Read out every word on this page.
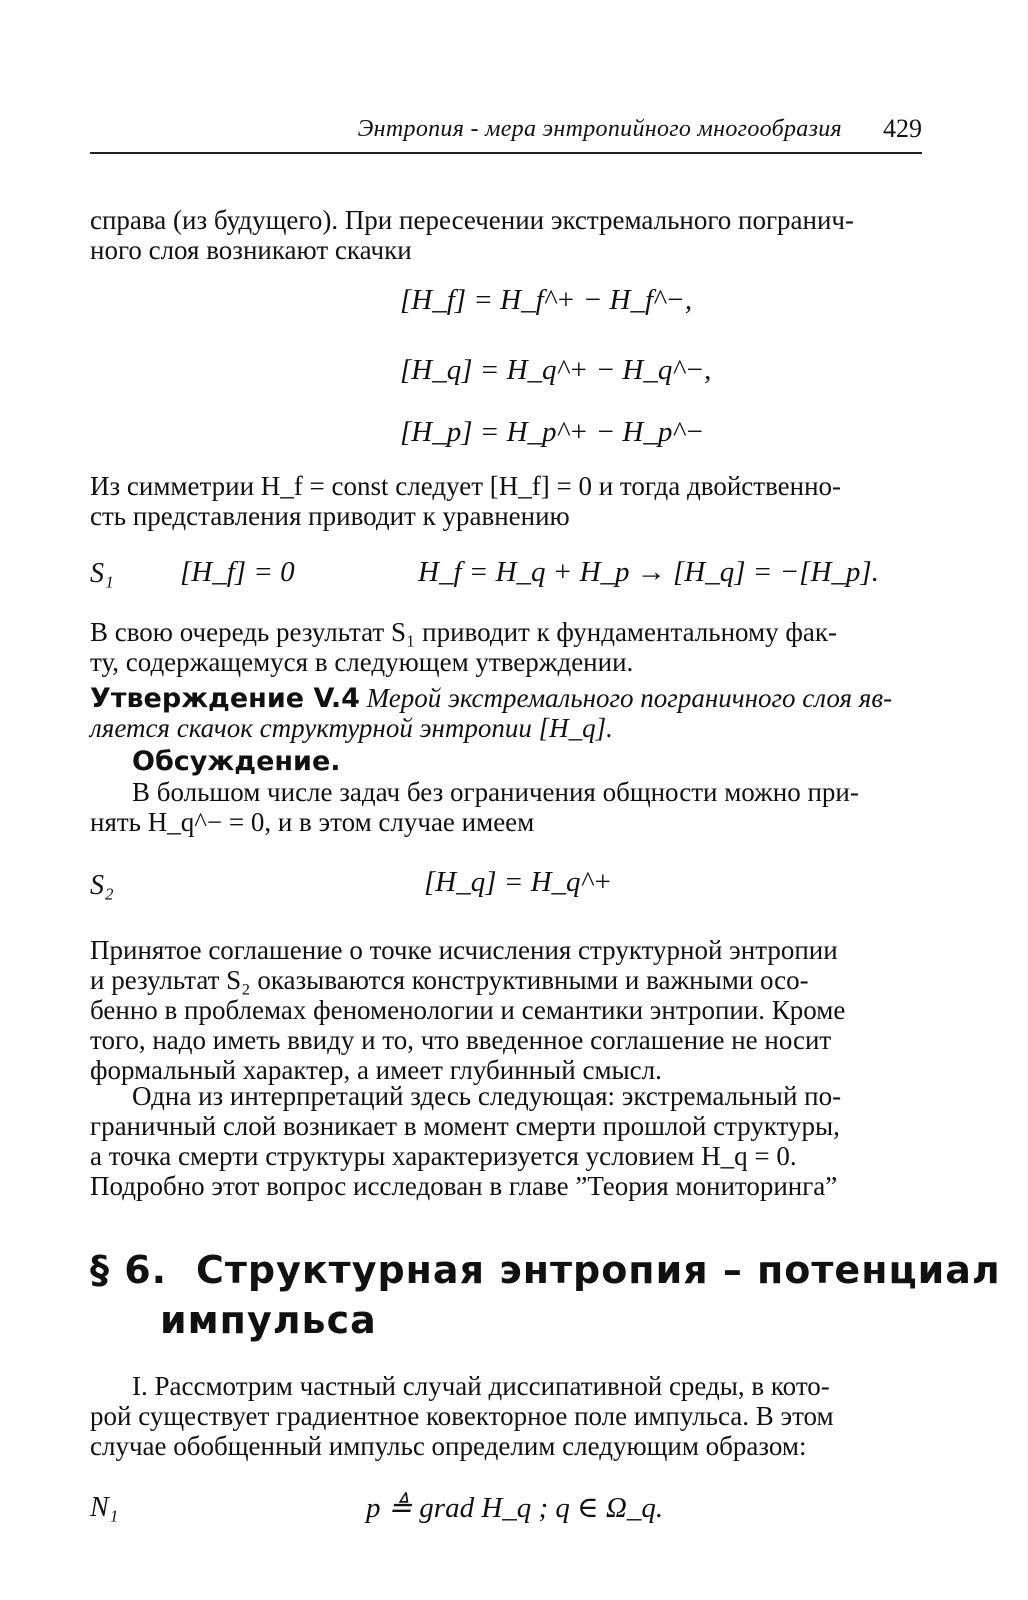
Энтропия - мера энтропийного многообразия 429
справа (из будущего). При пересечении экстремального погранич-
ного слоя возникают скачки
[H_f] = H_f^+ − H_f^−,
[H_q] = H_q^+ − H_q^−,
[H_p] = H_p^+ − H_p^−
Из симметрии H_f = const следует [H_f] = 0 и тогда двойственно-
сть представления приводит к уравнению
S₁ [H_f] = 0	H_f = H_q + H_p → [H_q] = −[H_p].
В свою очередь результат S₁ приводит к фундаментальному фак-
ту, содержащемуся в следующем утверждении.
Утверждение V.4 Мерой экстремального пограничного слоя яв-
ляется скачок структурной энтропии [H_q].
Обсуждение.
В большом числе задач без ограничения общности можно при-
нять H_q^− = 0, и в этом случае имеем
S₂	[H_q] = H_q^+
Принятое соглашение о точке исчисления структурной энтропии
и результат S₂ оказываются конструктивными и важными осо-
бенно в проблемах феноменологии и семантики энтропии. Кроме
того, надо иметь ввиду и то, что введенное соглашение не носит
формальный характер, а имеет глубинный смысл.
Одна из интерпретаций здесь следующая: экстремальный по-
граничный слой возникает в момент смерти прошлой структуры,
а точка смерти структуры характеризуется условием H_q = 0.
Подробно этот вопрос исследован в главе ”Теория мониторинга”
§ 6. Структурная энтропия – потенциал
импульса
I. Рассмотрим частный случай диссипативной среды, в кото-
рой существует градиентное ковекторное поле импульса. В этом
случае обобщенный импульс определим следующим образом:
N₁	p ≜ grad H_q ; q ∈ Ω_q.
